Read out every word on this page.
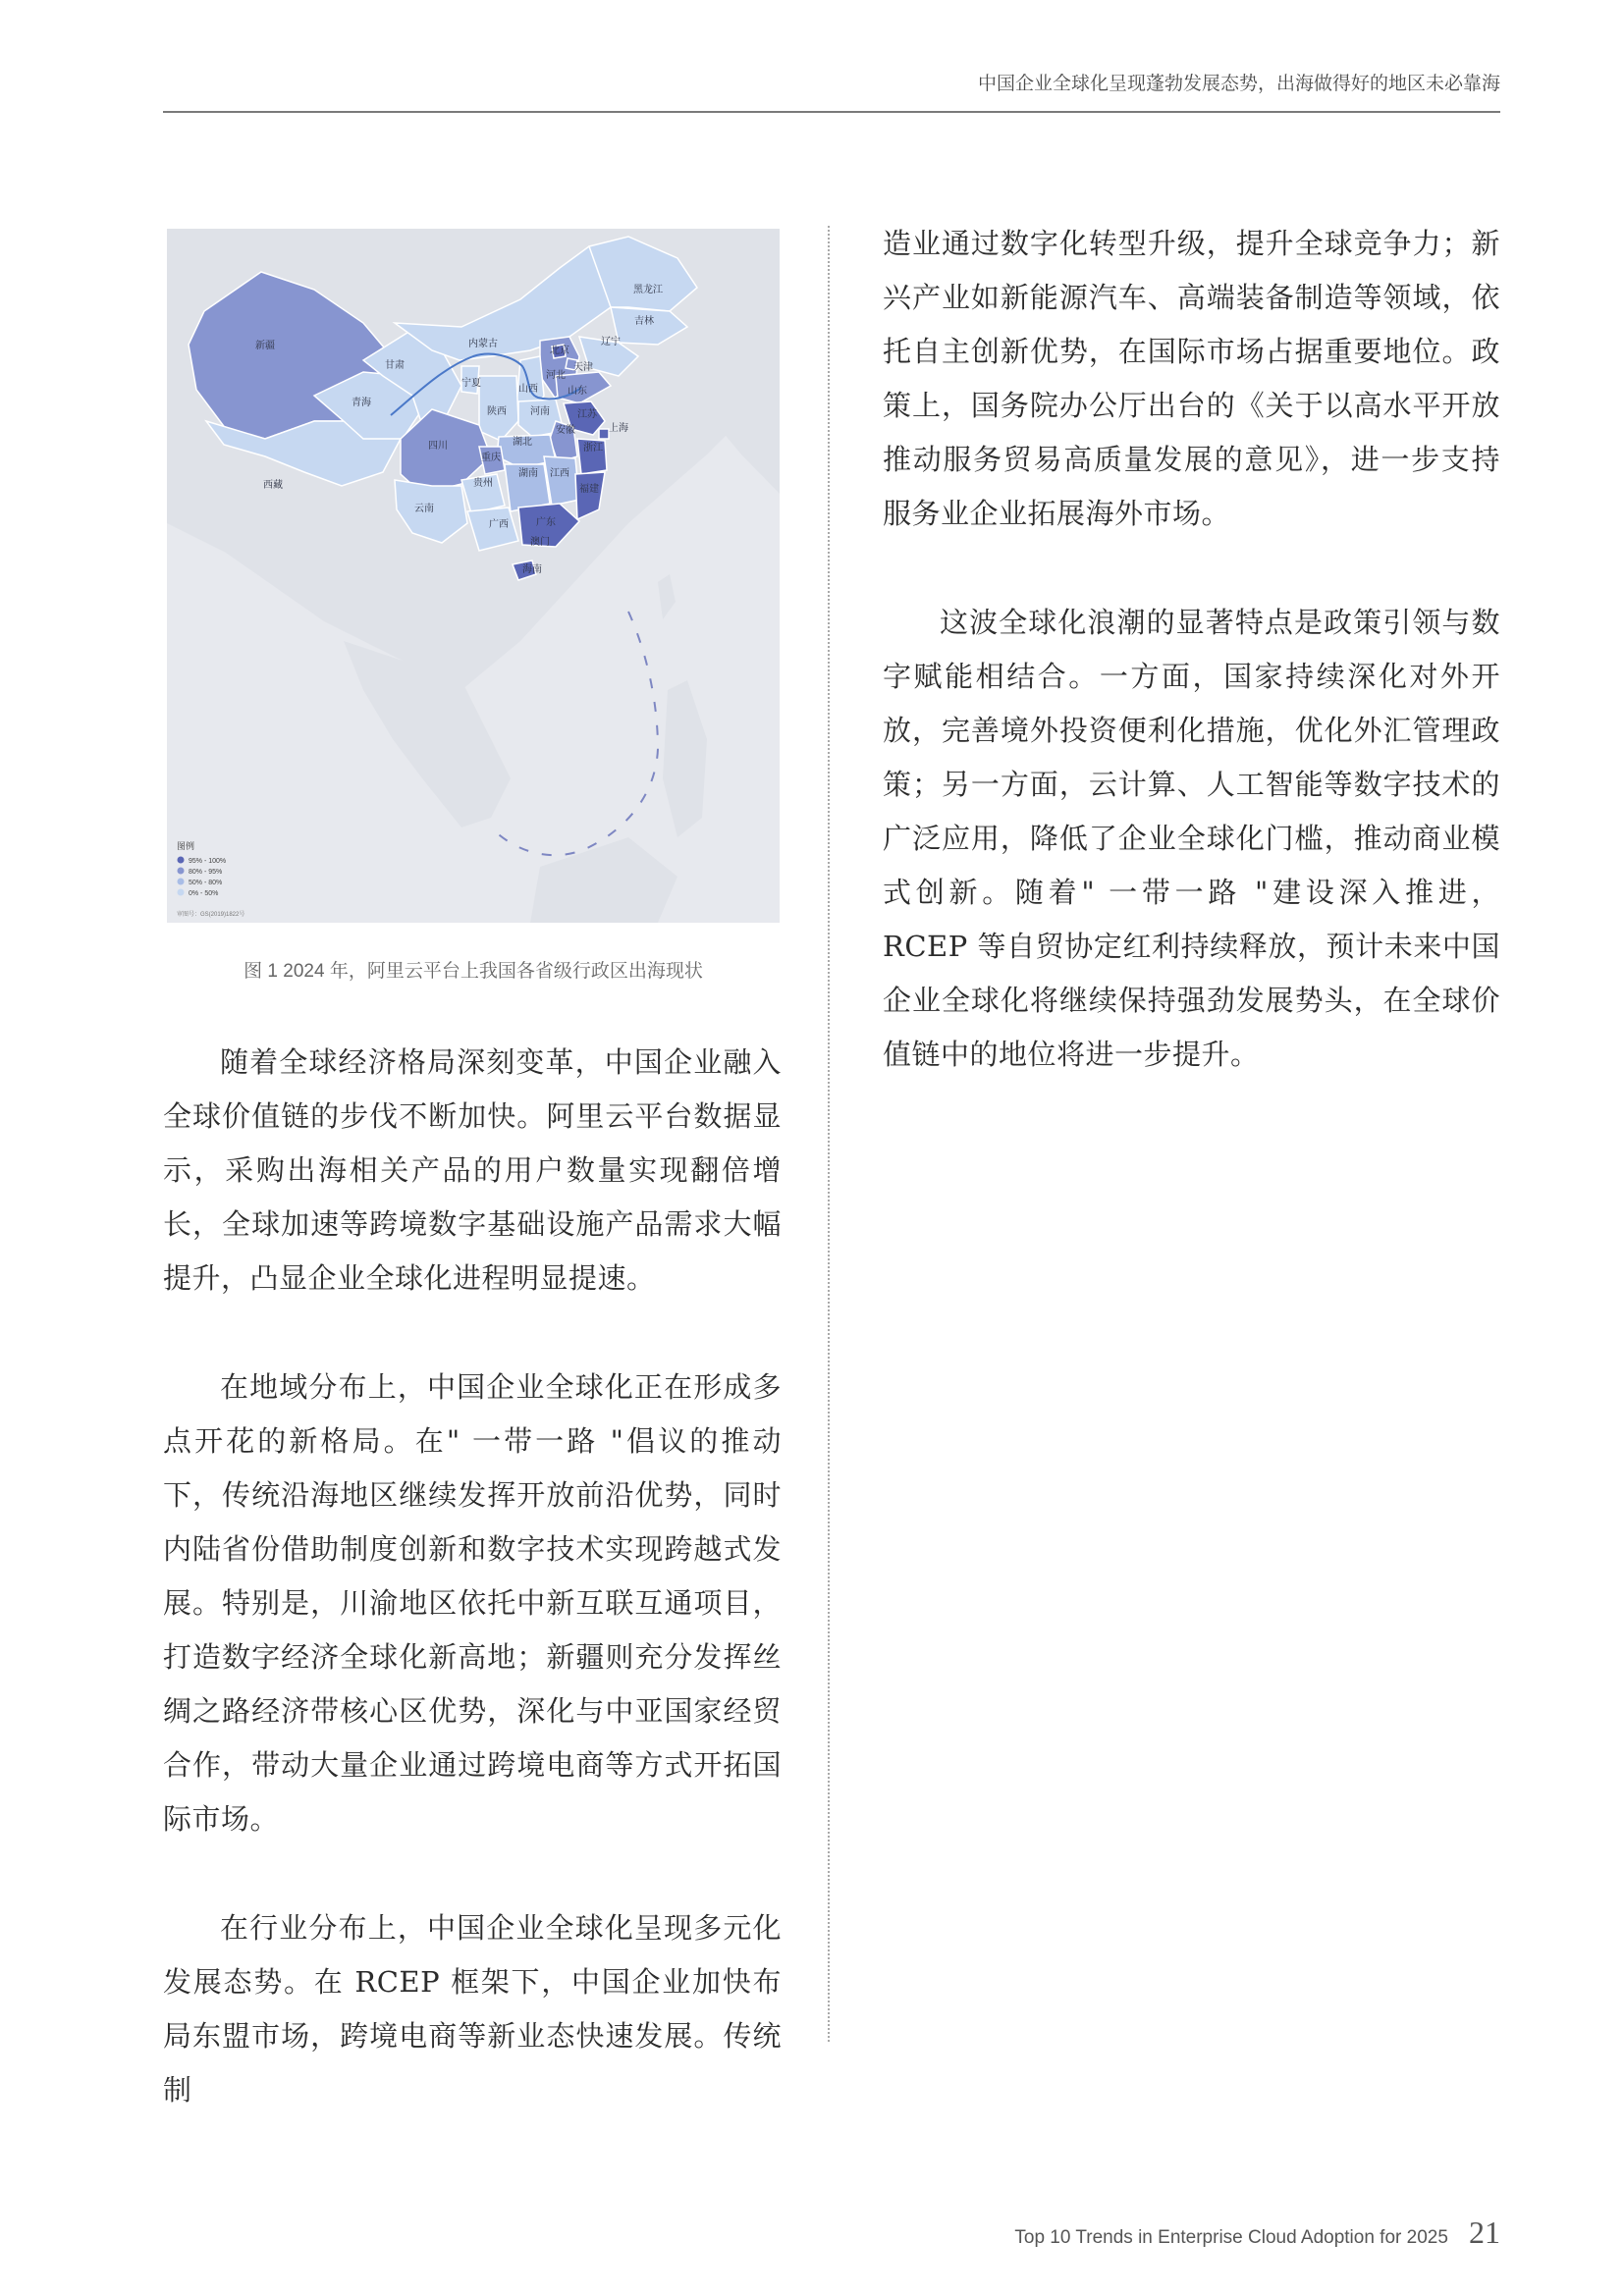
中国企业全球化呈现蓬勃发展态势，出海做得好的地区未必靠海
新疆
西藏
青海
甘肃
内蒙古
黑龙江
吉林
辽宁
北京
天津
河北
山西
宁夏
陕西 河南
山东
江苏
安徽	上海
浙江
湖北
四川
重庆
贵州
湖南 江西
福建
云南
广西	广东
澳门
海南
图例
95% - 100%
80% - 95%
50% - 80%
0% - 50%
审图号：GS(2019)1822号
图 1 2024 年，阿里云平台上我国各省级行政区出海现状

随着全球经济格局深刻变革，中国企业融入全球价值链的步伐不断加快。阿里云平台数据显示，采购出海相关产品的用户数量实现翻倍增长，全球加速等跨境数字基础设施产品需求大幅提升，凸显企业全球化进程明显提速。

在地域分布上，中国企业全球化正在形成多点开花的新格局。在" 一带一路 "倡议的推动下，传统沿海地区继续发挥开放前沿优势，同时内陆省份借助制度创新和数字技术实现跨越式发展。特别是，川渝地区依托中新互联互通项目，打造数字经济全球化新高地；新疆则充分发挥丝绸之路经济带核心区优势，深化与中亚国家经贸合作，带动大量企业通过跨境电商等方式开拓国际市场。

在行业分布上，中国企业全球化呈现多元化发展态势。在 RCEP 框架下，中国企业加快布局东盟市场，跨境电商等新业态快速发展。传统制

造业通过数字化转型升级，提升全球竞争力；新兴产业如新能源汽车、高端装备制造等领域，依托自主创新优势，在国际市场占据重要地位。政策上，国务院办公厅出台的《关于以高水平开放推动服务贸易高质量发展的意见》，进一步支持服务业企业拓展海外市场。

这波全球化浪潮的显著特点是政策引领与数字赋能相结合。一方面，国家持续深化对外开放，完善境外投资便利化措施，优化外汇管理政策；另一方面，云计算、人工智能等数字技术的广泛应用，降低了企业全球化门槛，推动商业模式创新。随着" 一带一路 "建设深入推进，RCEP 等自贸协定红利持续释放，预计未来中国企业全球化将继续保持强劲发展势头，在全球价值链中的地位将进一步提升。

Top 10 Trends in Enterprise Cloud Adoption for 2025 21
